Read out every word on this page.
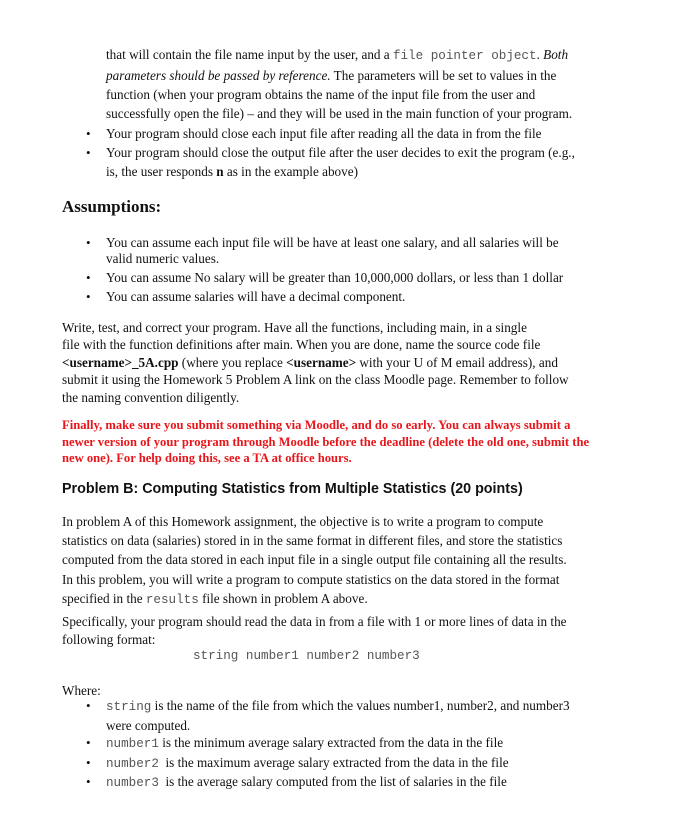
that will contain the file name input by the user, and a file pointer object. Both
parameters should be passed by reference. The parameters will be set to values in the
function (when your program obtains the name of the input file from the user and
successfully open the file) – and they will be used in the main function of your program.
• Your program should close each input file after reading all the data in from the file
• Your program should close the output file after the user decides to exit the program (e.g.,
is, the user responds n as in the example above)
Assumptions:
• You can assume each input file will be have at least one salary, and all salaries will be
valid numeric values.
• You can assume No salary will be greater than 10,000,000 dollars, or less than 1 dollar
• You can assume salaries will have a decimal component.
Write, test, and correct your program. Have all the functions, including main, in a single
file with the function definitions after main. When you are done, name the source code file
<username>_5A.cpp (where you replace <username> with your U of M email address), and
submit it using the Homework 5 Problem A link on the class Moodle page. Remember to follow
the naming convention diligently.
Finally, make sure you submit something via Moodle, and do so early. You can always submit a
newer version of your program through Moodle before the deadline (delete the old one, submit the
new one). For help doing this, see a TA at office hours.
Problem B: Computing Statistics from Multiple Statistics (20 points)
In problem A of this Homework assignment, the objective is to write a program to compute
statistics on data (salaries) stored in in the same format in different files, and store the statistics
computed from the data stored in each input file in a single output file containing all the results.
In this problem, you will write a program to compute statistics on the data stored in the format
specified in the results file shown in problem A above.
Specifically, your program should read the data in from a file with 1 or more lines of data in the
following format:
string number1 number2 number3
Where:
• string is the name of the file from which the values number1, number2, and number3
were computed.
• number1 is the minimum average salary extracted from the data in the file
• number2  is the maximum average salary extracted from the data in the file
• number3  is the average salary computed from the list of salaries in the file
